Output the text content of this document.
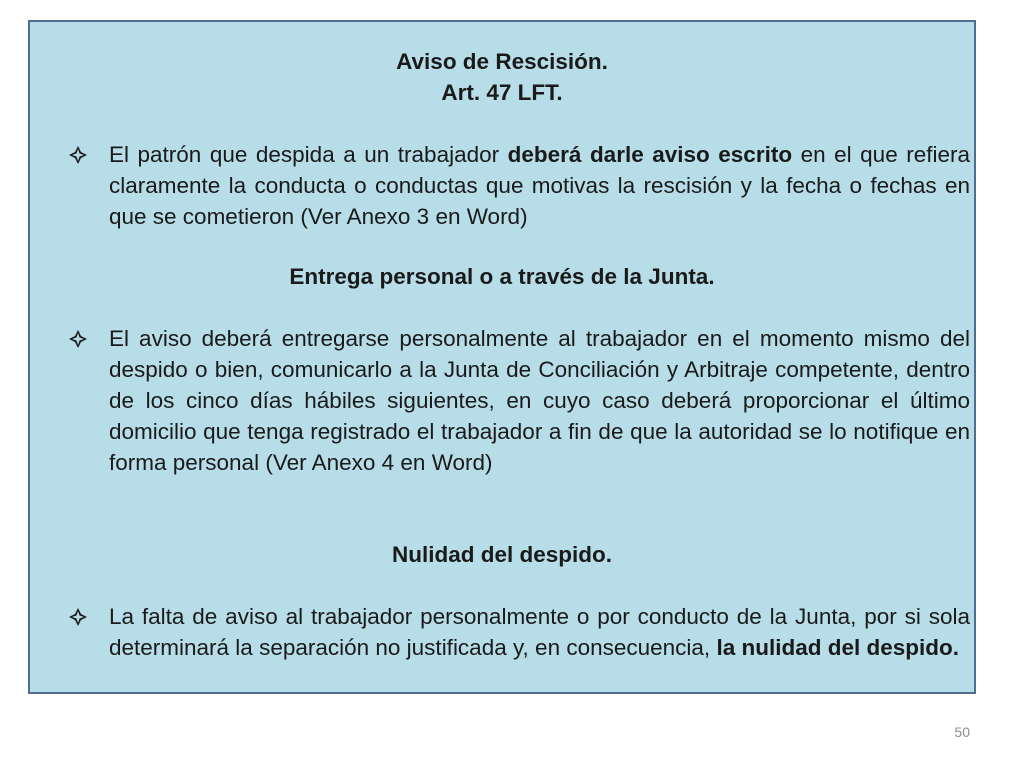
Aviso de Rescisión.
Art. 47 LFT.
El patrón que despida a un trabajador deberá darle aviso escrito en el que refiera claramente la conducta o conductas que motivas la rescisión y la fecha o fechas en que se cometieron (Ver Anexo 3 en Word)
Entrega personal o a través de la Junta.
El aviso deberá entregarse personalmente al trabajador en el momento mismo del despido o bien, comunicarlo a la Junta de Conciliación y Arbitraje competente, dentro de los cinco días hábiles siguientes, en cuyo caso deberá proporcionar el último domicilio que tenga registrado el trabajador a fin de que la autoridad se lo notifique en forma personal (Ver Anexo 4 en Word)
Nulidad del despido.
La falta de aviso al trabajador personalmente o por conducto de la Junta, por si sola determinará la separación no justificada y, en consecuencia, la nulidad del despido.
50
